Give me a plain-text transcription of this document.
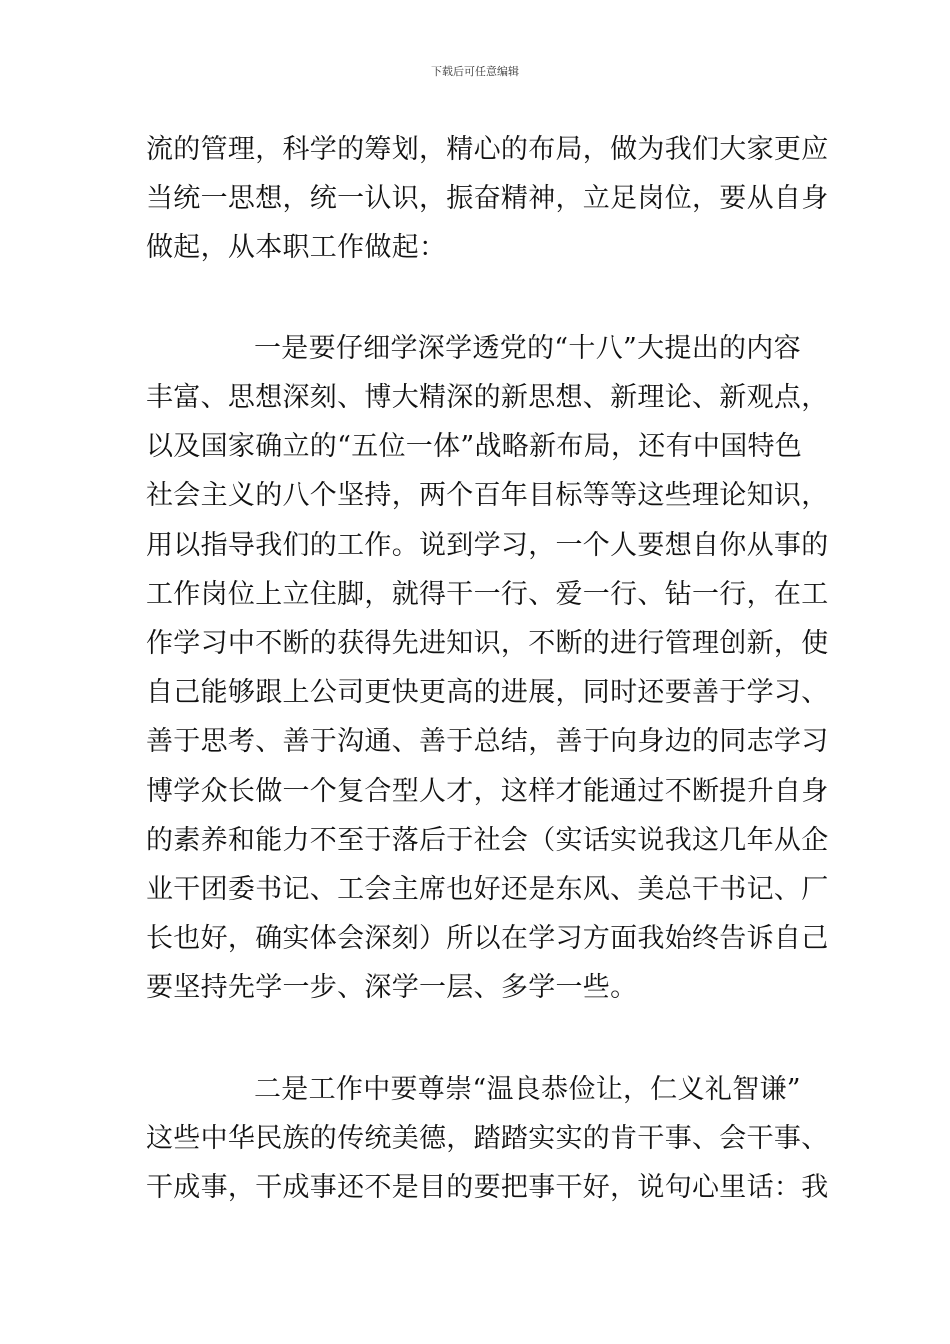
下载后可任意编辑
流的管理，科学的筹划，精心的布局，做为我们大家更应
当统一思想，统一认识，振奋精神，立足岗位，要从自身
做起，从本职工作做起：
一是要仔细学深学透党的“十八”大提出的内容
丰富、思想深刻、博大精深的新思想、新理论、新观点，
以及国家确立的“五位一体”战略新布局，还有中国特色
社会主义的八个坚持，两个百年目标等等这些理论知识，
用以指导我们的工作。说到学习，一个人要想自你从事的
工作岗位上立住脚，就得干一行、爱一行、钻一行，在工
作学习中不断的获得先进知识，不断的进行管理创新，使
自己能够跟上公司更快更高的进展，同时还要善于学习、
善于思考、善于沟通、善于总结，善于向身边的同志学习
博学众长做一个复合型人才，这样才能通过不断提升自身
的素养和能力不至于落后于社会（实话实说我这几年从企
业干团委书记、工会主席也好还是东风、美总干书记、厂
长也好，确实体会深刻）所以在学习方面我始终告诉自己
要坚持先学一步、深学一层、多学一些。
二是工作中要尊崇“温良恭俭让，仁义礼智谦”
这些中华民族的传统美德，踏踏实实的肯干事、会干事、
干成事，干成事还不是目的要把事干好，说句心里话：我
